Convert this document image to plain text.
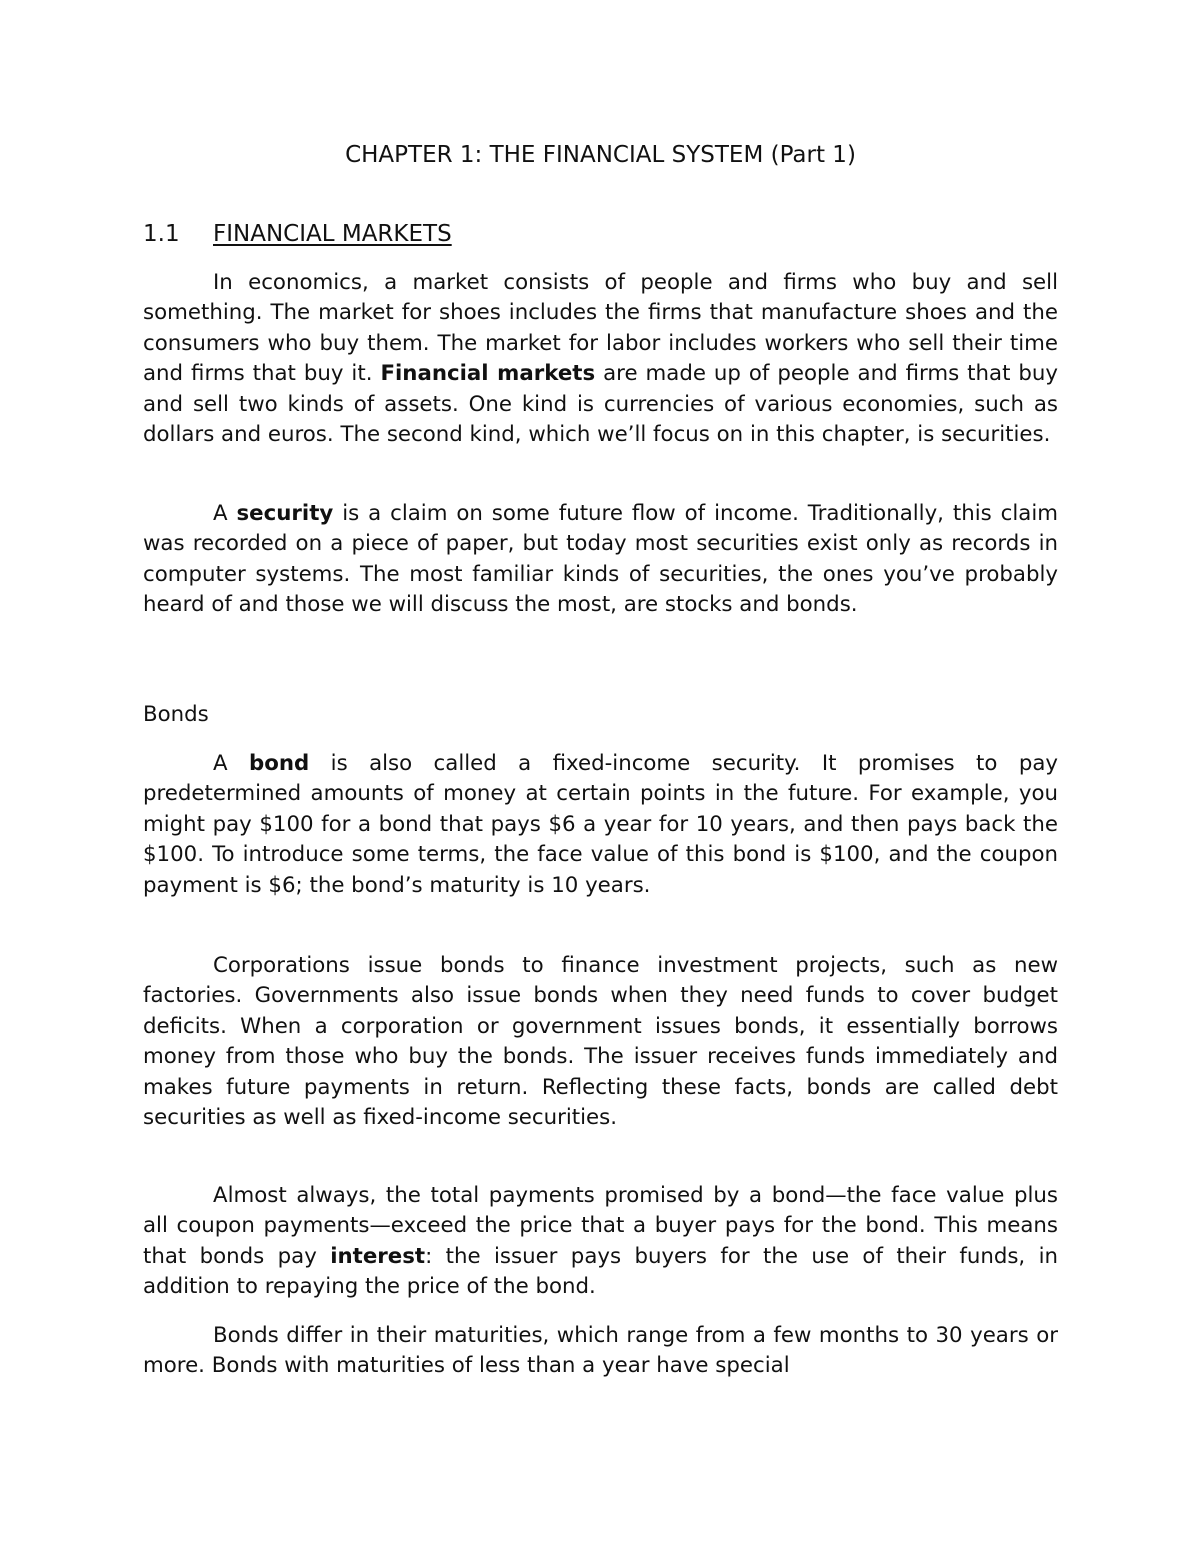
CHAPTER 1: THE FINANCIAL SYSTEM (Part 1)
1.1 FINANCIAL MARKETS

In economics, a market consists of people and firms who buy and sell something. The market for shoes includes the firms that manufacture shoes and the consumers who buy them. The market for labor includes workers who sell their time and firms that buy it. Financial markets are made up of people and firms that buy and sell two kinds of assets. One kind is currencies of various economies, such as dollars and euros. The second kind, which we’ll focus on in this chapter, is securities.

A security is a claim on some future flow of income. Traditionally, this claim was recorded on a piece of paper, but today most securities exist only as records in computer systems. The most familiar kinds of securities, the ones you’ve probably heard of and those we will discuss the most, are stocks and bonds.

Bonds

A bond is also called a fixed-income security. It promises to pay predetermined amounts of money at certain points in the future. For example, you might pay $100 for a bond that pays $6 a year for 10 years, and then pays back the $100. To introduce some terms, the face value of this bond is $100, and the coupon payment is $6; the bond’s maturity is 10 years.

Corporations issue bonds to finance investment projects, such as new factories. Governments also issue bonds when they need funds to cover budget deficits. When a corporation or government issues bonds, it essentially borrows money from those who buy the bonds. The issuer receives funds immediately and makes future payments in return. Reflecting these facts, bonds are called debt securities as well as fixed-income securities.

Almost always, the total payments promised by a bond—the face value plus all coupon payments—exceed the price that a buyer pays for the bond. This means that bonds pay interest: the issuer pays buyers for the use of their funds, in addition to repaying the price of the bond.

Bonds differ in their maturities, which range from a few months to 30 years or more. Bonds with maturities of less than a year have special
